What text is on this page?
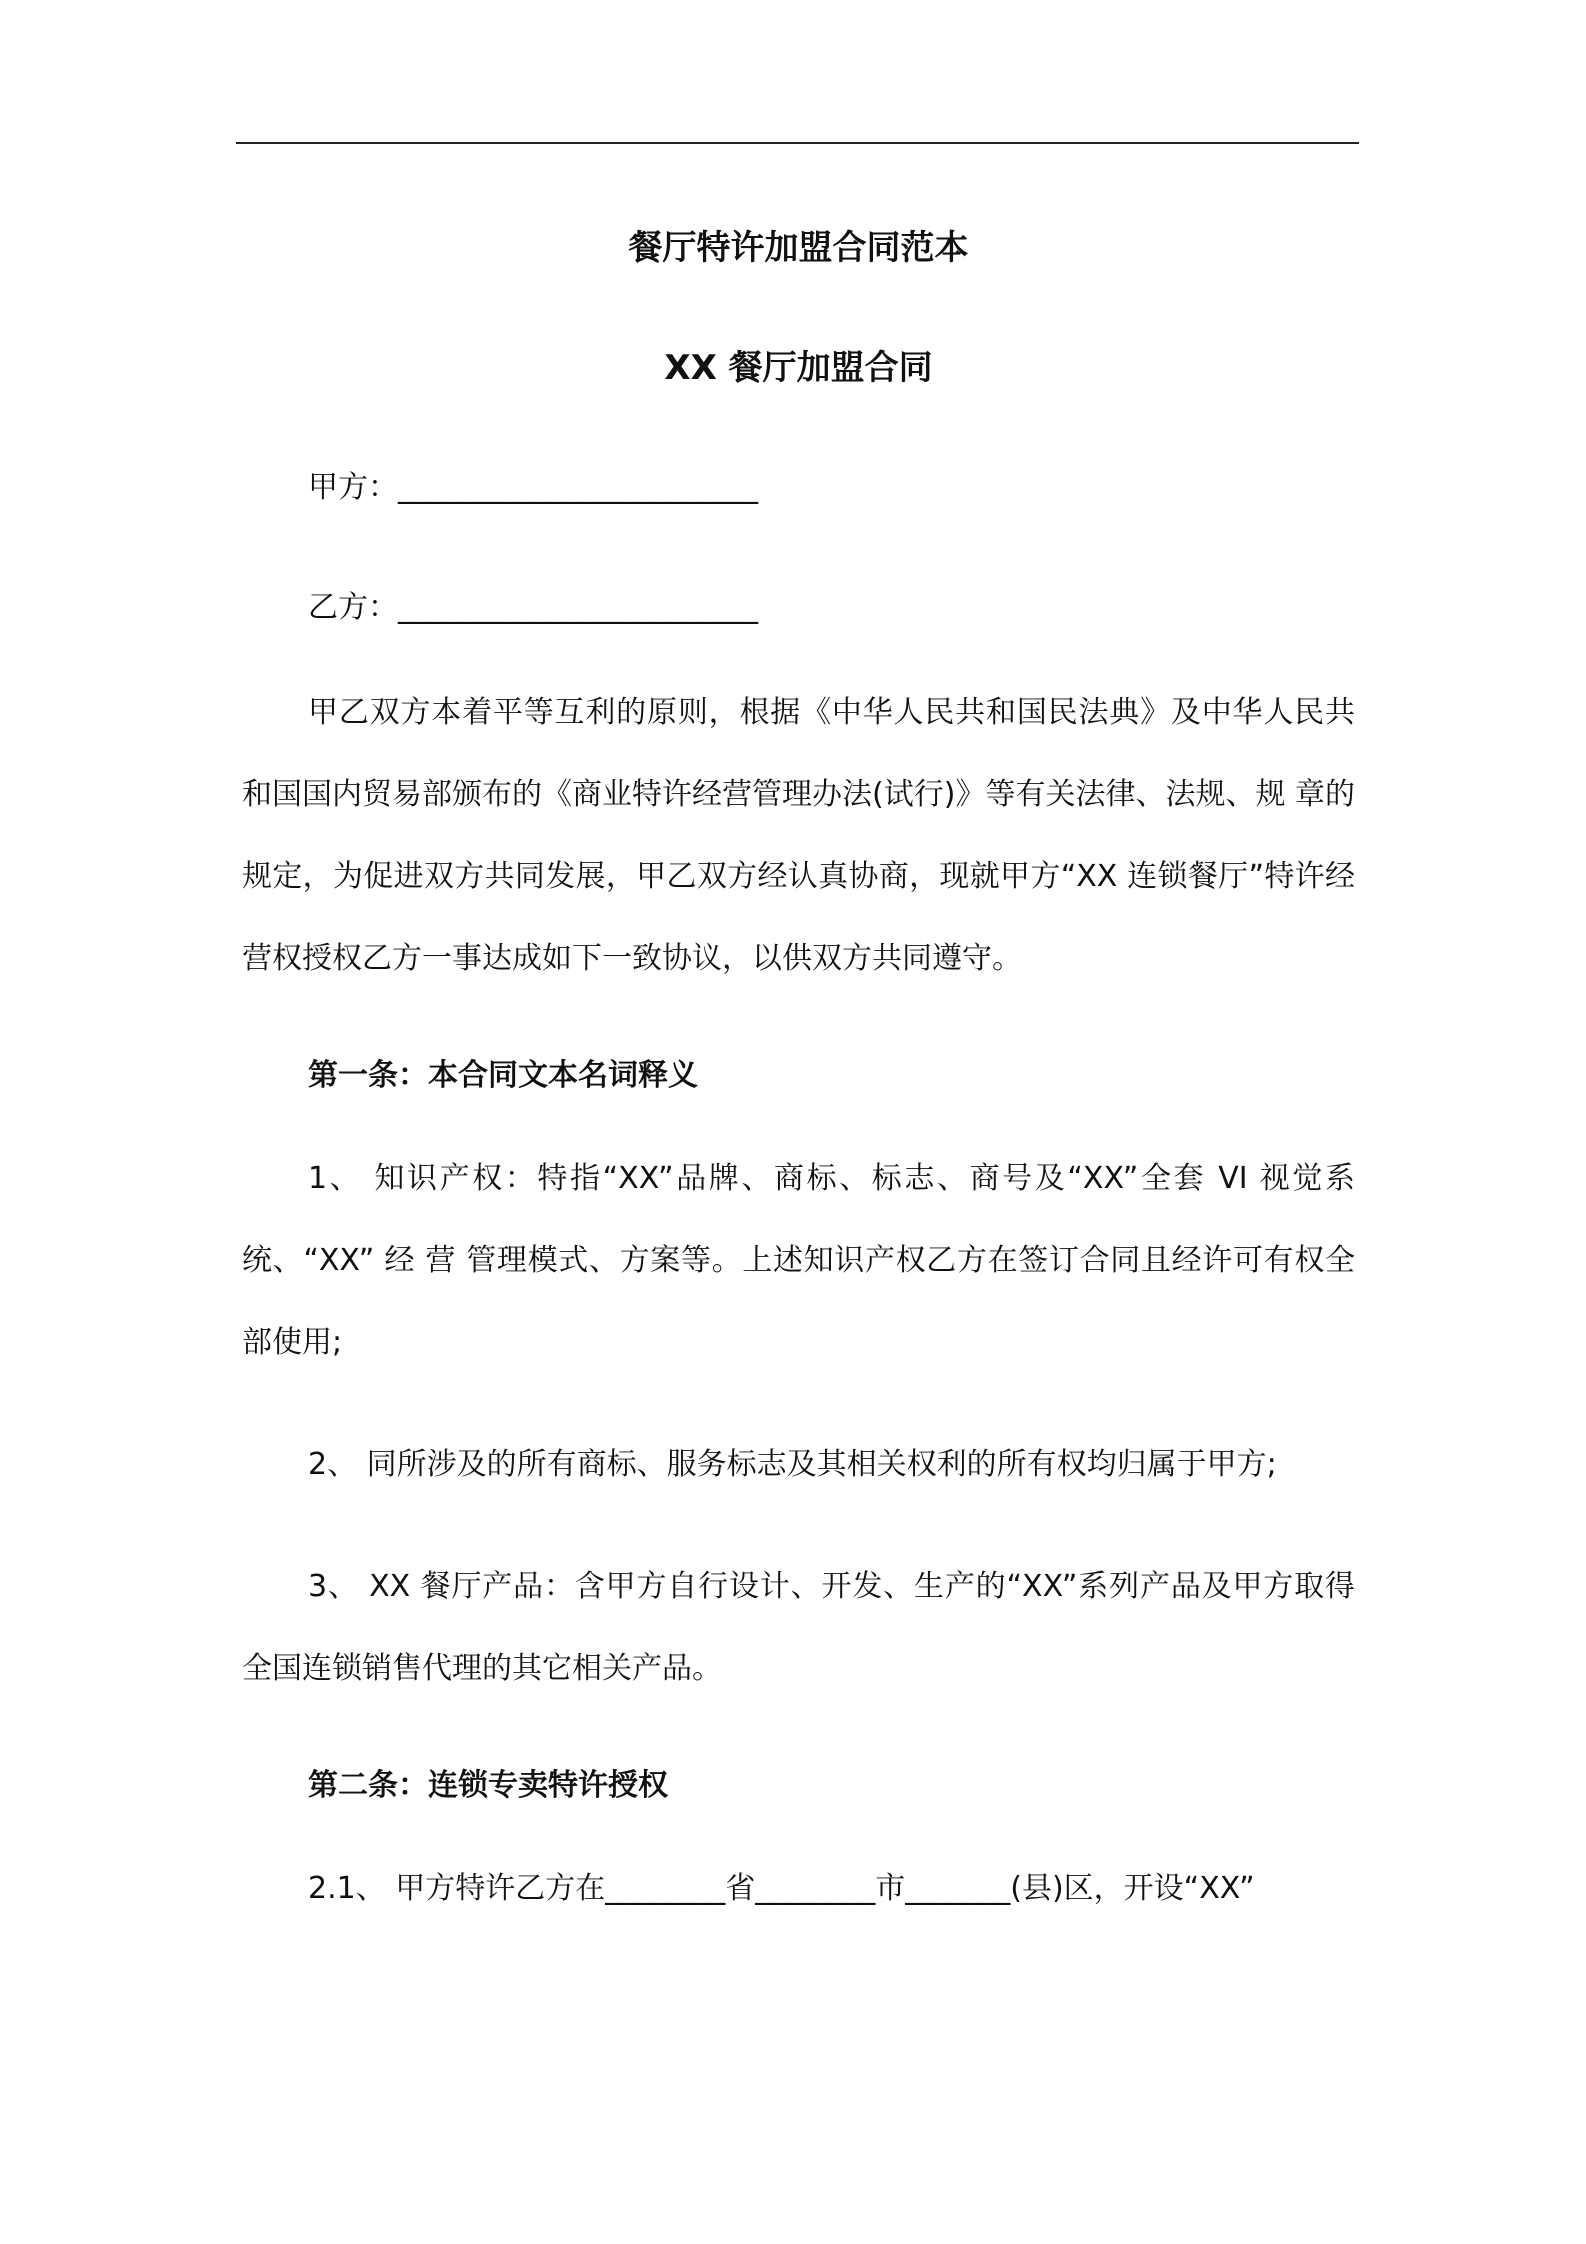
餐厅特许加盟合同范本
XX 餐厅加盟合同
甲方：________________________
乙方：________________________

甲乙双方本着平等互利的原则，根据《中华人民共和国民法典》及中华人民共和国国内贸易部颁布的《商业特许经营管理办法(试行)》等有关法律、法规、规 章的规定，为促进双方共同发展，甲乙双方经认真协商，现就甲方“XX 连锁餐厅”特许经营权授权乙方一事达成如下一致协议，以供双方共同遵守。

第一条：本合同文本名词释义

1、 知识产权：特指“XX”品牌、商标、标志、商号及“XX”全套 VI 视觉系统、“XX” 经 营 管理模式、方案等。上述知识产权乙方在签订合同且经许可有权全部使用;

2、 同所涉及的所有商标、服务标志及其相关权利的所有权均归属于甲方;

3、 XX 餐厅产品：含甲方自行设计、开发、生产的“XX”系列产品及甲方取得全国连锁销售代理的其它相关产品。

第二条：连锁专卖特许授权

2.1、 甲方特许乙方在________省________市_______(县)区，开设“XX”
